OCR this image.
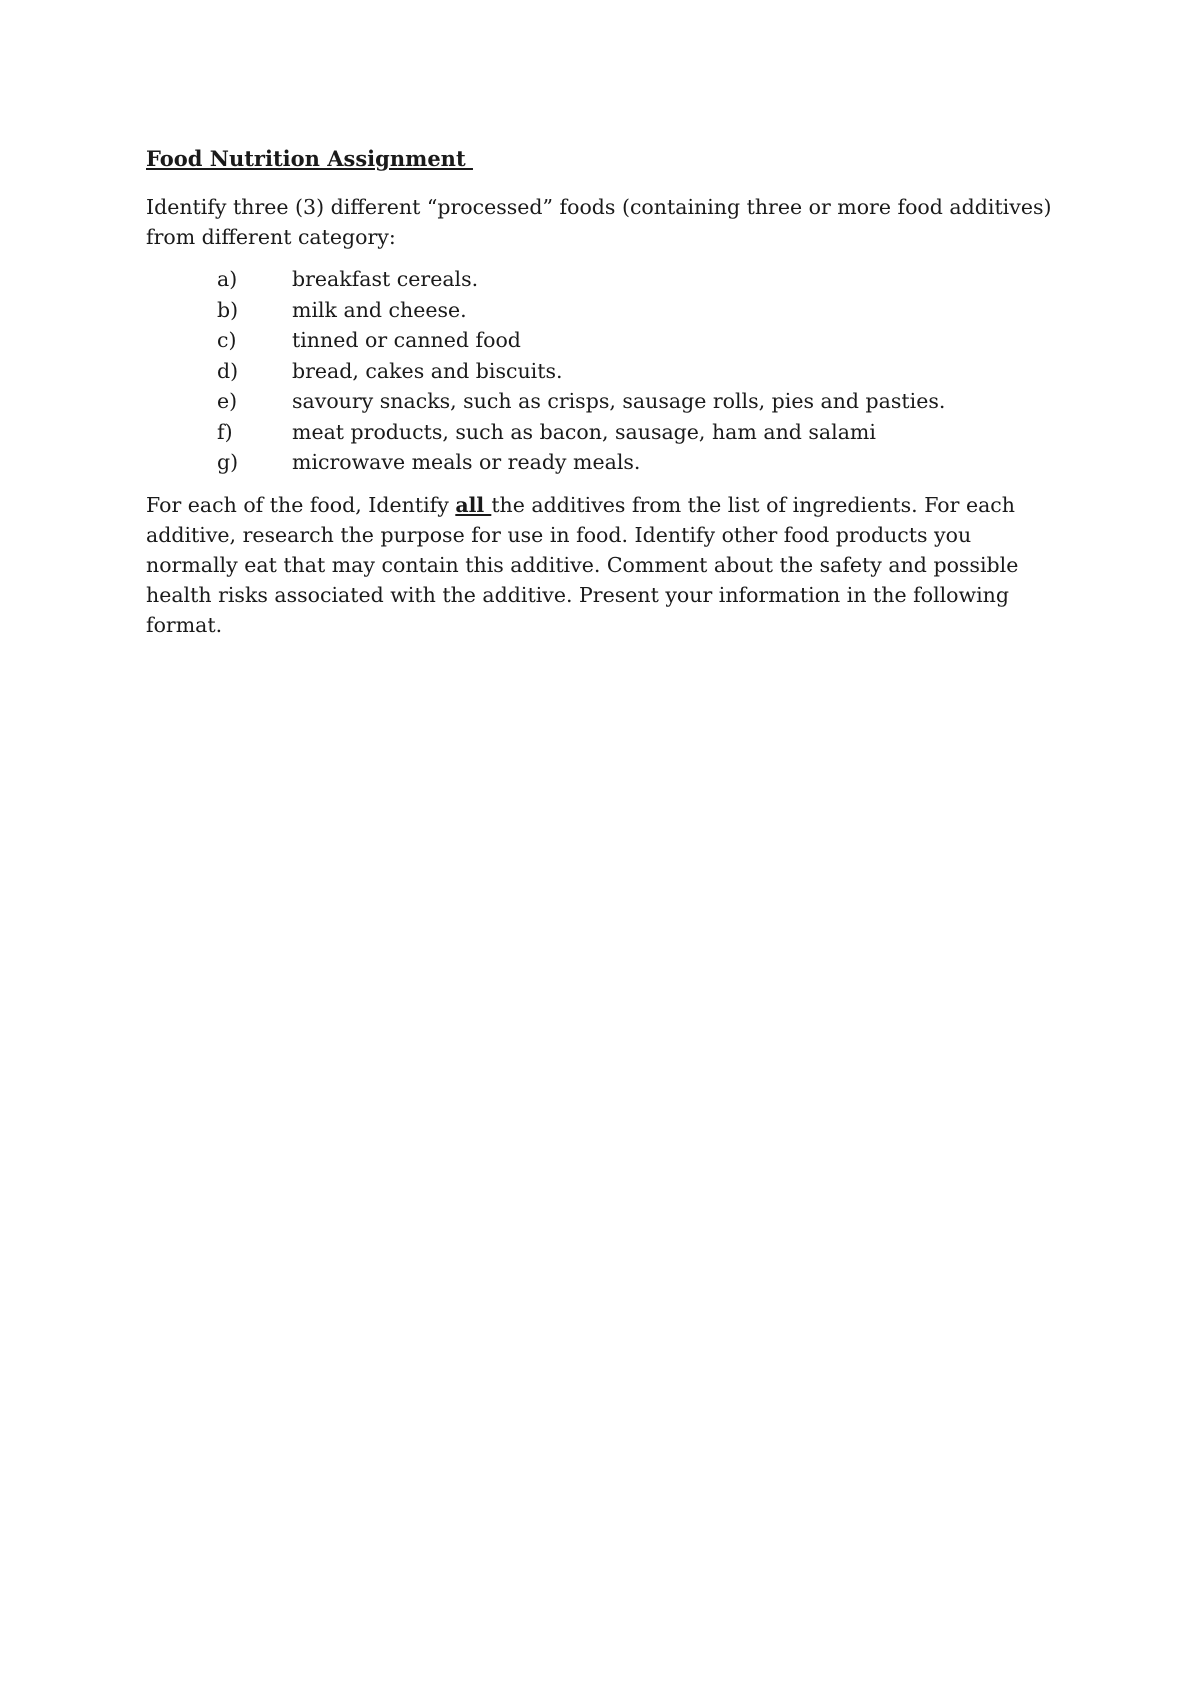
Food Nutrition Assignment

Identify three (3) different “processed” foods (containing three or more food additives) from different category:

a)	breakfast cereals.
b)	milk and cheese.
c)	tinned or canned food
d)	bread, cakes and biscuits.
e)	savoury snacks, such as crisps, sausage rolls, pies and pasties.
f)	meat products, such as bacon, sausage, ham and salami
g)	microwave meals or ready meals.

For each of the food, Identify all the additives from the list of ingredients. For each additive, research the purpose for use in food. Identify other food products you normally eat that may contain this additive. Comment about the safety and possible health risks associated with the additive. Present your information in the following format.
